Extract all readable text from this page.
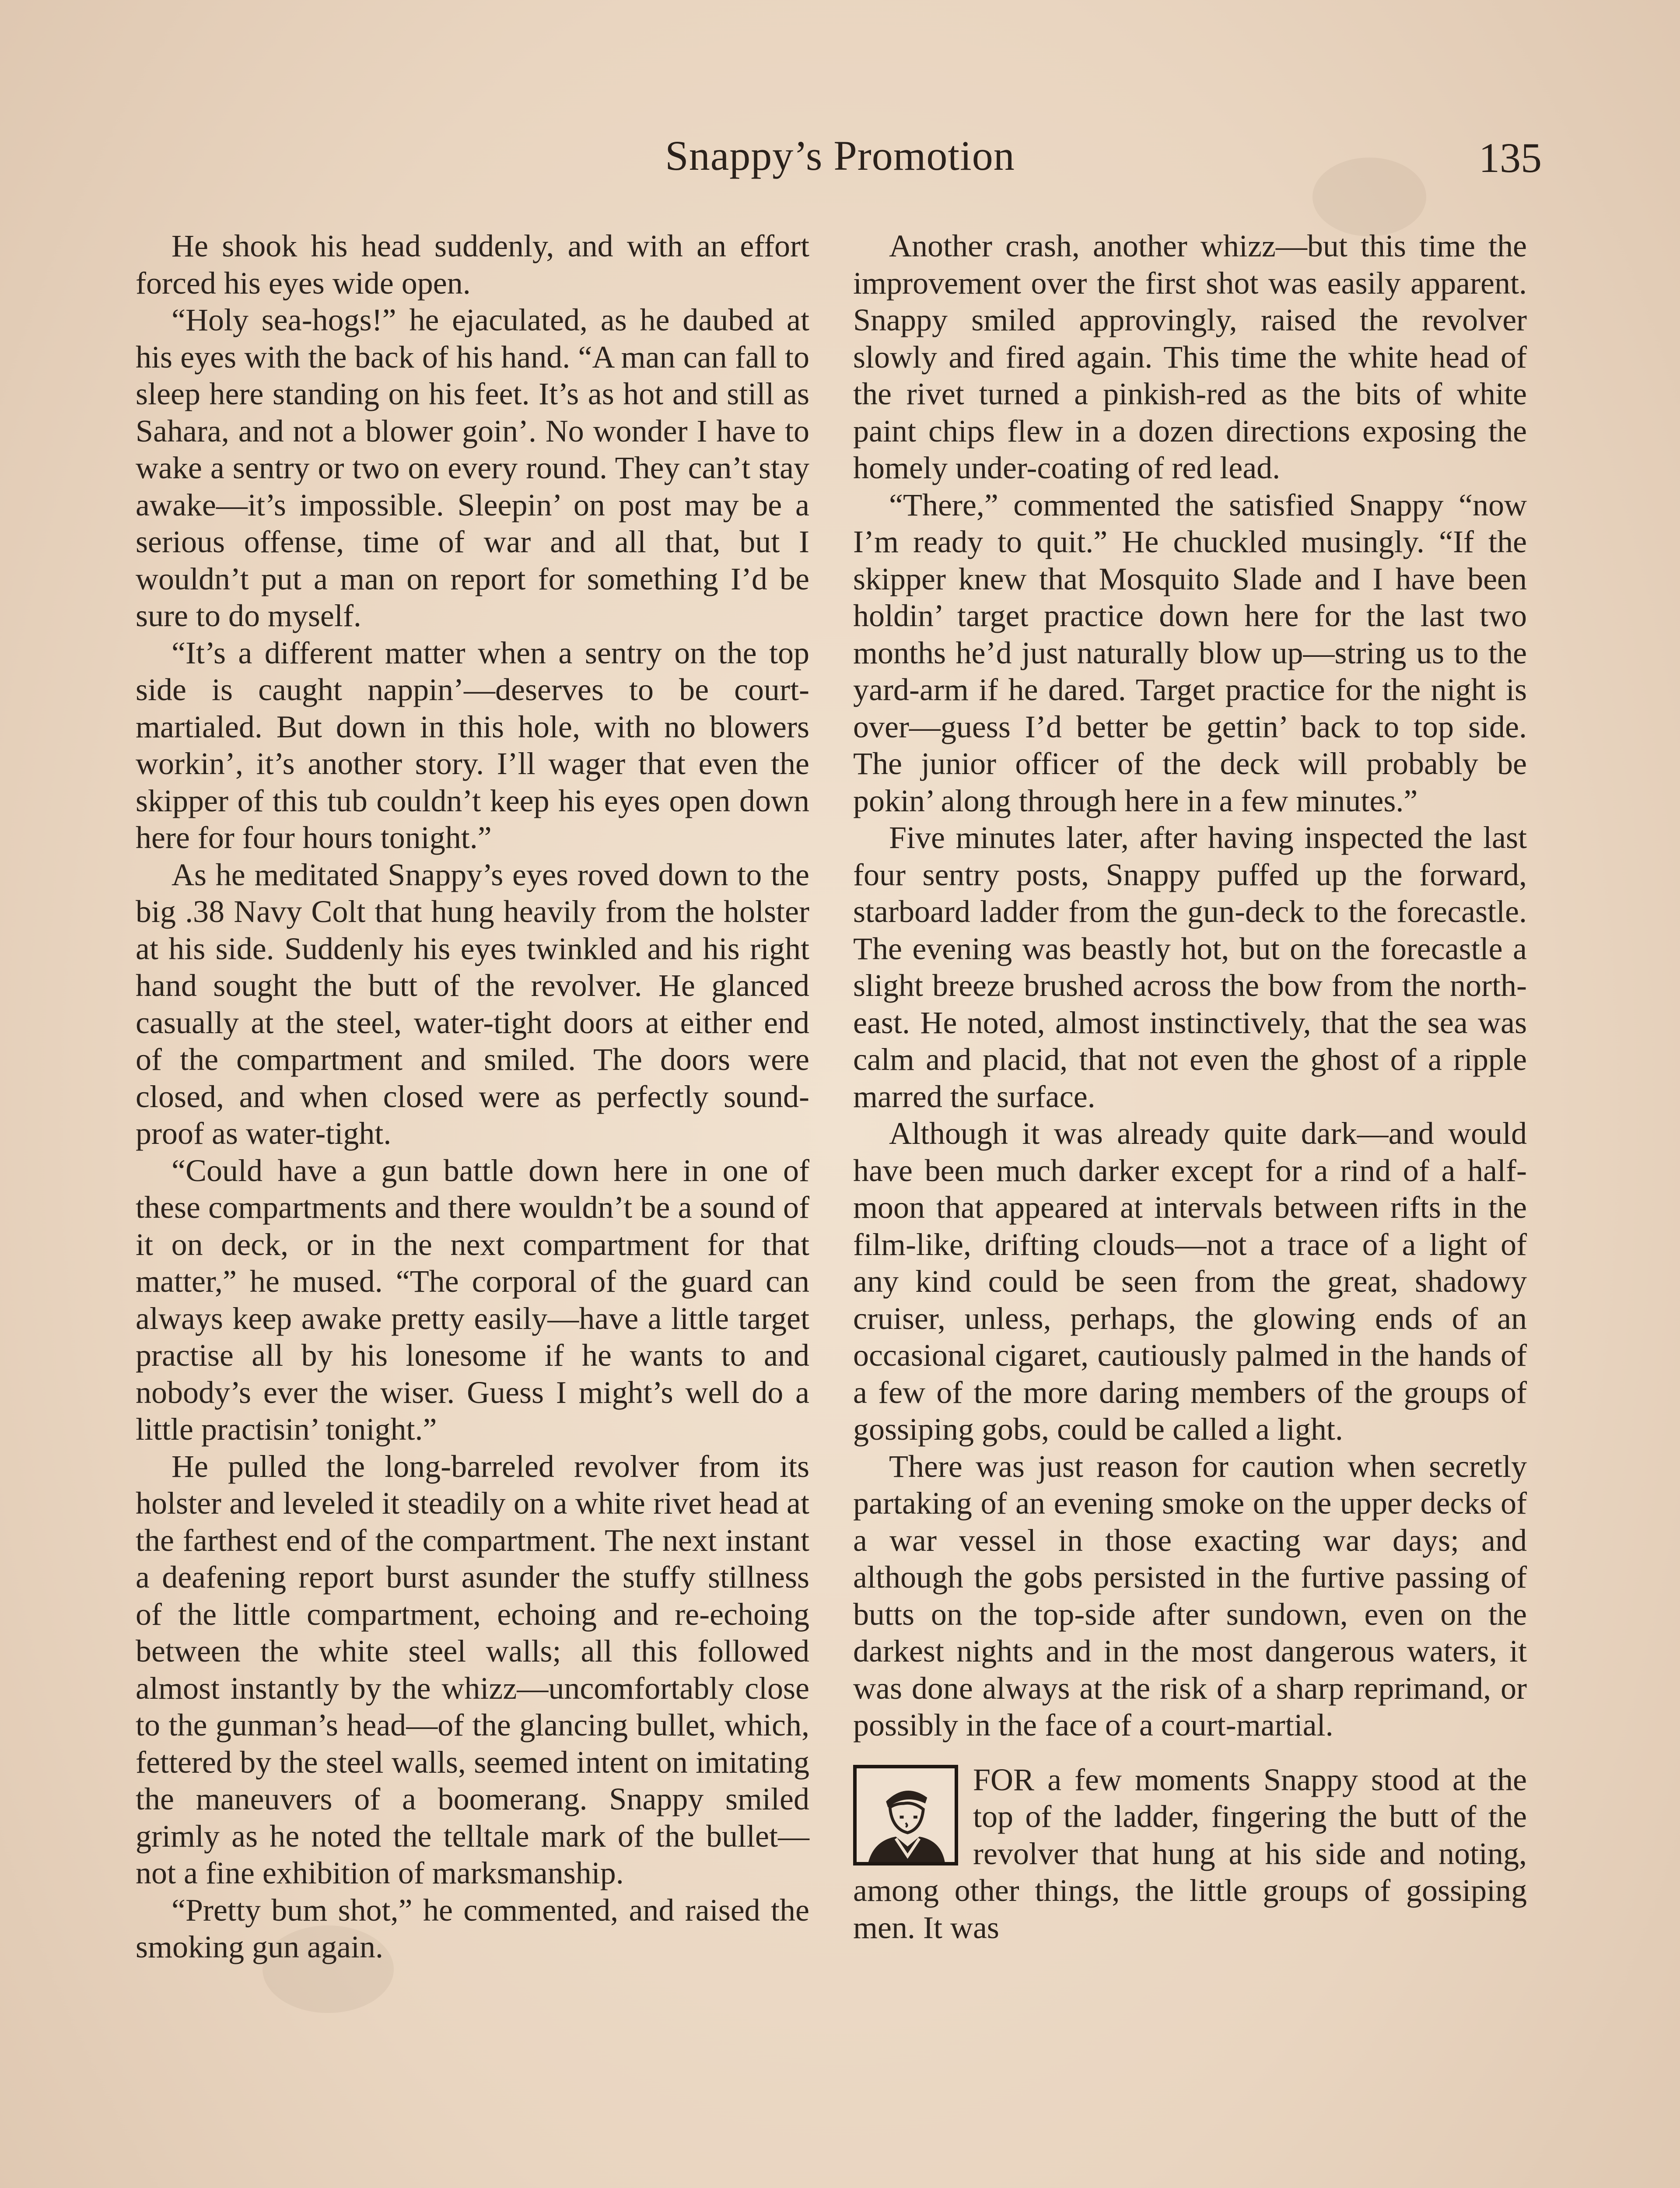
Snappy’s Promotion	135

He shook his head suddenly, and with an effort forced his eyes wide open.

“Holy sea-hogs!” he ejaculated, as he daubed at his eyes with the back of his hand. “A man can fall to sleep here standing on his feet. It’s as hot and still as Sahara, and not a blower goin’. No wonder I have to wake a sentry or two on every round. They can’t stay awake—it’s impossible. Sleepin’ on post may be a serious offense, time of war and all that, but I wouldn’t put a man on report for something I’d be sure to do myself.

“It’s a different matter when a sentry on the top side is caught nappin’—deserves to be court-martialed. But down in this hole, with no blowers workin’, it’s another story. I’ll wager that even the skipper of this tub couldn’t keep his eyes open down here for four hours tonight.”

As he meditated Snappy’s eyes roved down to the big .38 Navy Colt that hung heavily from the holster at his side. Suddenly his eyes twinkled and his right hand sought the butt of the revolver. He glanced casually at the steel, water-tight doors at either end of the compartment and smiled. The doors were closed, and when closed were as perfectly sound-proof as water-tight.

“Could have a gun battle down here in one of these compartments and there wouldn’t be a sound of it on deck, or in the next compartment for that matter,” he mused. “The corporal of the guard can always keep awake pretty easily—have a little target practise all by his lonesome if he wants to and nobody’s ever the wiser. Guess I might’s well do a little practisin’ tonight.”

He pulled the long-barreled revolver from its holster and leveled it steadily on a white rivet head at the farthest end of the compartment. The next instant a deafening report burst asunder the stuffy stillness of the little compartment, echoing and re-echoing between the white steel walls; all this followed almost instantly by the whizz—uncomfortably close to the gunman’s head—of the glancing bullet, which, fettered by the steel walls, seemed intent on imitating the maneuvers of a boomerang. Snappy smiled grimly as he noted the telltale mark of the bullet—not a fine exhibition of marksmanship.

“Pretty bum shot,” he commented, and raised the smoking gun again.

Another crash, another whizz—but this time the improvement over the first shot was easily apparent. Snappy smiled approvingly, raised the revolver slowly and fired again. This time the white head of the rivet turned a pinkish-red as the bits of white paint chips flew in a dozen directions exposing the homely under-coating of red lead.

“There,” commented the satisfied Snappy “now I’m ready to quit.” He chuckled musingly. “If the skipper knew that Mosquito Slade and I have been holdin’ target practice down here for the last two months he’d just naturally blow up—string us to the yard-arm if he dared. Target practice for the night is over—guess I’d better be gettin’ back to top side. The junior officer of the deck will probably be pokin’ along through here in a few minutes.”

Five minutes later, after having inspected the last four sentry posts, Snappy puffed up the forward, starboard ladder from the gun-deck to the forecastle. The evening was beastly hot, but on the forecastle a slight breeze brushed across the bow from the north-east. He noted, almost instinctively, that the sea was calm and placid, that not even the ghost of a ripple marred the surface.

Although it was already quite dark—and would have been much darker except for a rind of a half-moon that appeared at intervals between rifts in the film-like, drifting clouds—not a trace of a light of any kind could be seen from the great, shadowy cruiser, unless, perhaps, the glowing ends of an occasional cigaret, cautiously palmed in the hands of a few of the more daring members of the groups of gossiping gobs, could be called a light.

There was just reason for caution when secretly partaking of an evening smoke on the upper decks of a war vessel in those exacting war days; and although the gobs persisted in the furtive passing of butts on the top-side after sundown, even on the darkest nights and in the most dangerous waters, it was done always at the risk of a sharp reprimand, or possibly in the face of a court-martial.

FOR a few moments Snappy stood at the top of the ladder, fingering the butt of the revolver that hung at his side and noting, among other things, the little groups of gossiping men. It was
